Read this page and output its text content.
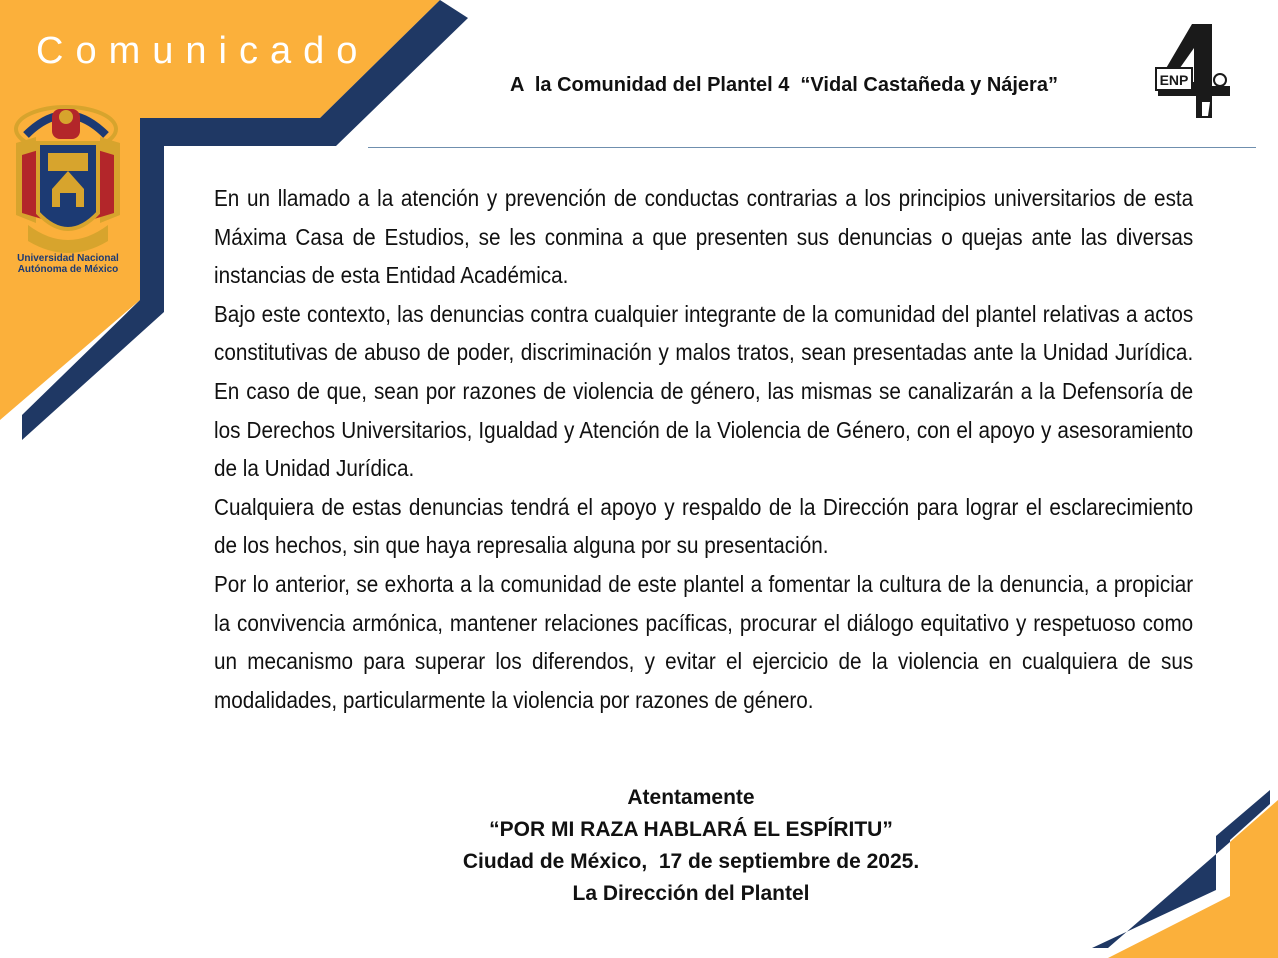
Comunicado
Universidad Nacional
Autónoma de México
A  la Comunidad del Plantel 4  “Vidal Castañeda y Nájera”	ENP

En un llamado a la atención y prevención de conductas contrarias a los principios universitarios de esta Máxima Casa de Estudios, se les conmina a que presenten sus denuncias o quejas ante las diversas instancias de esta Entidad Académica.

Bajo este contexto, las denuncias contra cualquier integrante de la comunidad del plantel relativas a actos constitutivas de abuso de poder, discriminación y malos tratos, sean presentadas ante la Unidad Jurídica. En caso de que, sean por razones de violencia de género, las mismas se canalizarán a la Defensoría de los Derechos Universitarios, Igualdad y Atención de la Violencia de Género, con el apoyo y asesoramiento de la Unidad Jurídica.

Cualquiera de estas denuncias tendrá el apoyo y respaldo de la Dirección para lograr el esclarecimiento de los hechos, sin que haya represalia alguna por su presentación.

Por lo anterior, se exhorta a la comunidad de este plantel a fomentar la cultura de la denuncia, a propiciar la convivencia armónica, mantener relaciones pacíficas, procurar el diálogo equitativo y respetuoso como un mecanismo para superar los diferendos, y evitar el ejercicio de la violencia en cualquiera de sus modalidades, particularmente la violencia por razones de género.

Atentamente
“POR MI RAZA HABLARÁ EL ESPÍRITU”
Ciudad de México,  17 de septiembre de 2025.
La Dirección del Plantel
